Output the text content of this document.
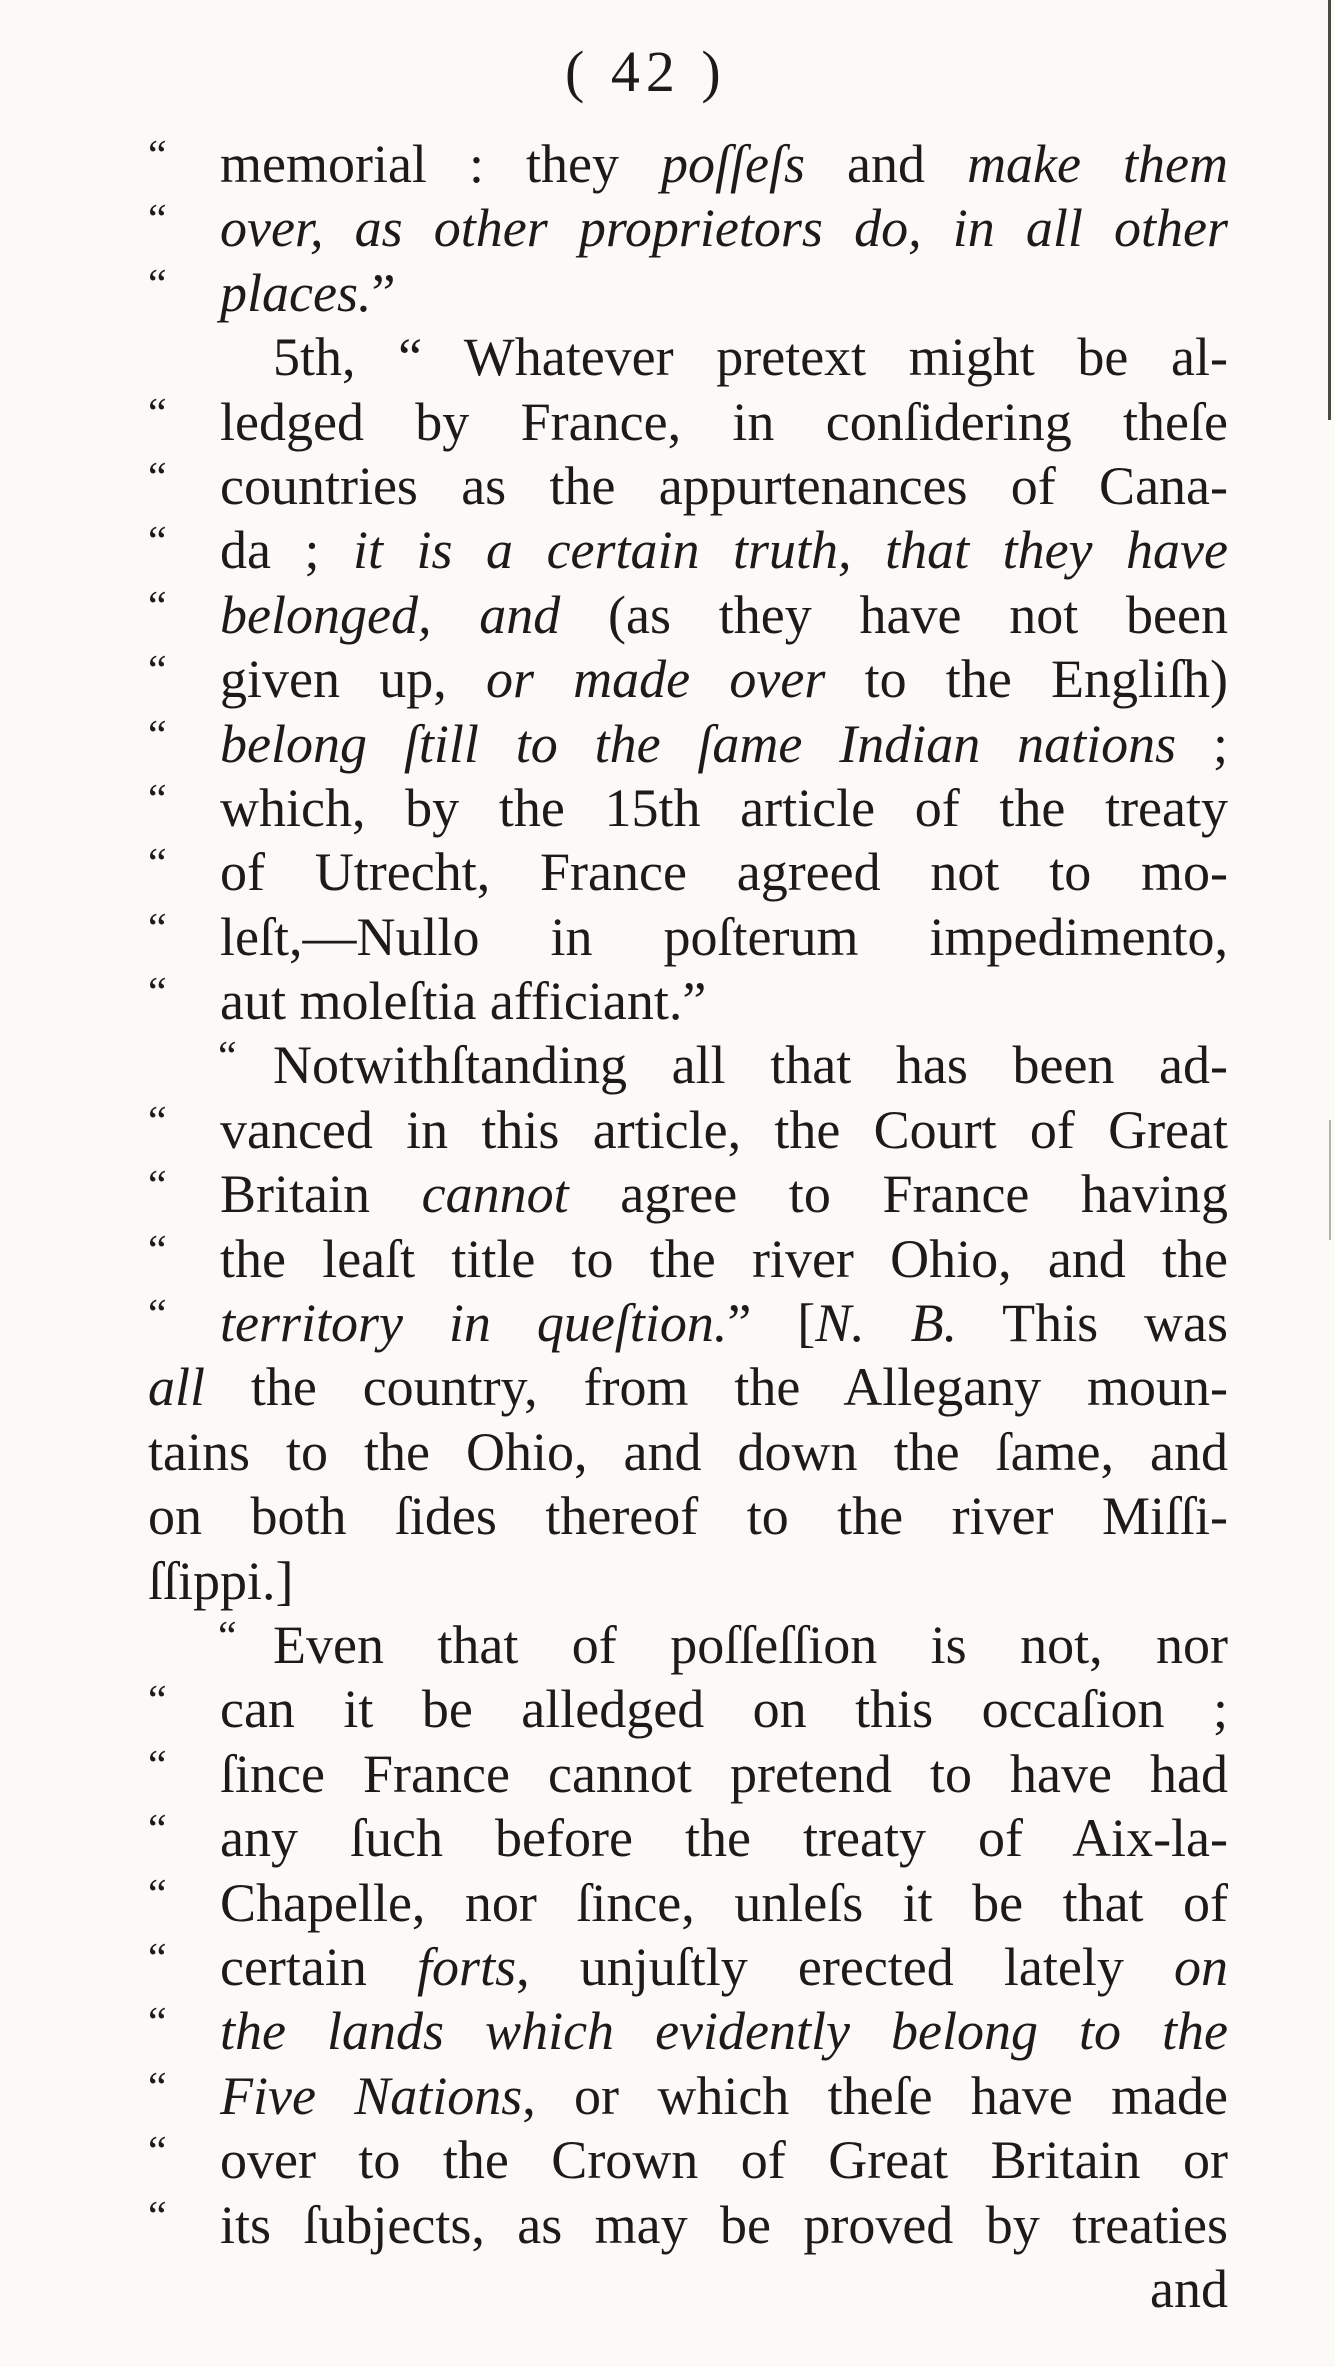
( 42 )
“ memorial : they poſſeſs and make them
“ over, as other proprietors do, in all other
“ places.”
5th, “ Whatever pretext might be al-
“ ledged by France, in conſidering theſe
“ countries as the appurtenances of Cana-
“ da ; it is a certain truth, that they have
“ belonged, and (as they have not been
“ given up, or made over to the Engliſh)
“ belong ſtill to the ſame Indian nations ;
“ which, by the 15th article of the treaty
“ of Utrecht, France agreed not to mo-
“ leſt,—Nullo in poſterum impedimento,
“ aut moleſtia afficiant.”
“ Notwithſtanding all that has been ad-
“ vanced in this article, the Court of Great
“ Britain cannot agree to France having
“ the leaſt title to the river Ohio, and the
“ territory in queſtion.” [N. B. This was
all the country, from the Allegany moun-
tains to the Ohio, and down the ſame, and
on both ſides thereof to the river Miſſi-
ſſippi.]
“ Even that of poſſeſſion is not, nor
“ can it be alledged on this occaſion ;
“ ſince France cannot pretend to have had
“ any ſuch before the treaty of Aix-la-
“ Chapelle, nor ſince, unleſs it be that of
“ certain forts, unjuſtly erected lately on
“ the lands which evidently belong to the
“ Five Nations, or which theſe have made
“ over to the Crown of Great Britain or
“ its ſubjects, as may be proved by treaties
and
